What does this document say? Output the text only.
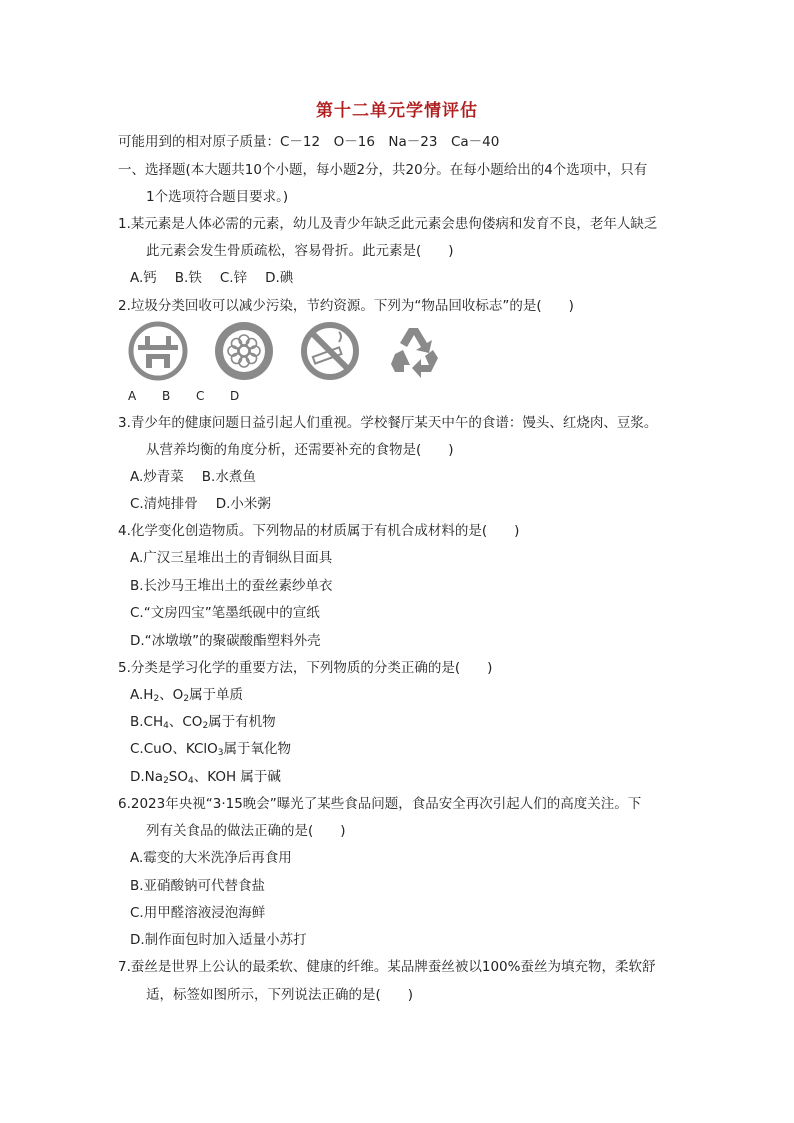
第十二单元学情评估
可能用到的相对原子质量：C－12　O－16　Na－23　Ca－40
一、选择题(本大题共10个小题，每小题2分，共20分。在每小题给出的4个选项中，只有
1个选项符合题目要求。)
1.某元素是人体必需的元素，幼儿及青少年缺乏此元素会患佝偻病和发育不良，老年人缺乏
此元素会发生骨质疏松，容易骨折。此元素是(　　)
A.钙 B.铁 C.锌 D.碘
2.垃圾分类回收可以减少污染，节约资源。下列为“物品回收标志”的是(　　)
A B C D
3.青少年的健康问题日益引起人们重视。学校餐厅某天中午的食谱：馒头、红烧肉、豆浆。
从营养均衡的角度分析，还需要补充的食物是(　　)
A.炒青菜 B.水煮鱼
C.清炖排骨 D.小米粥
4.化学变化创造物质。下列物品的材质属于有机合成材料的是(　　)
A.广汉三星堆出土的青铜纵目面具
B.长沙马王堆出土的蚕丝素纱单衣
C.“文房四宝”笔墨纸砚中的宣纸
D.“冰墩墩”的聚碳酸酯塑料外壳
5.分类是学习化学的重要方法，下列物质的分类正确的是(　　)
$A.H_2$、$O_2$属于单质
$B.CH_4$、$CO_2$属于有机物
C.CuO、KClO$_3$属于氧化物
$D.Na_2SO_4$、KOH 属于碱
6.2023年央视“3·15晚会”曝光了某些食品问题，食品安全再次引起人们的高度关注。下
列有关食品的做法正确的是(　　)
A.霉变的大米洗净后再食用
B.亚硝酸钠可代替食盐
C.用甲醛溶液浸泡海鲜
D.制作面包时加入适量小苏打
7.蚕丝是世界上公认的最柔软、健康的纤维。某品牌蚕丝被以100%蚕丝为填充物，柔软舒
适，标签如图所示，下列说法正确的是(　　)
